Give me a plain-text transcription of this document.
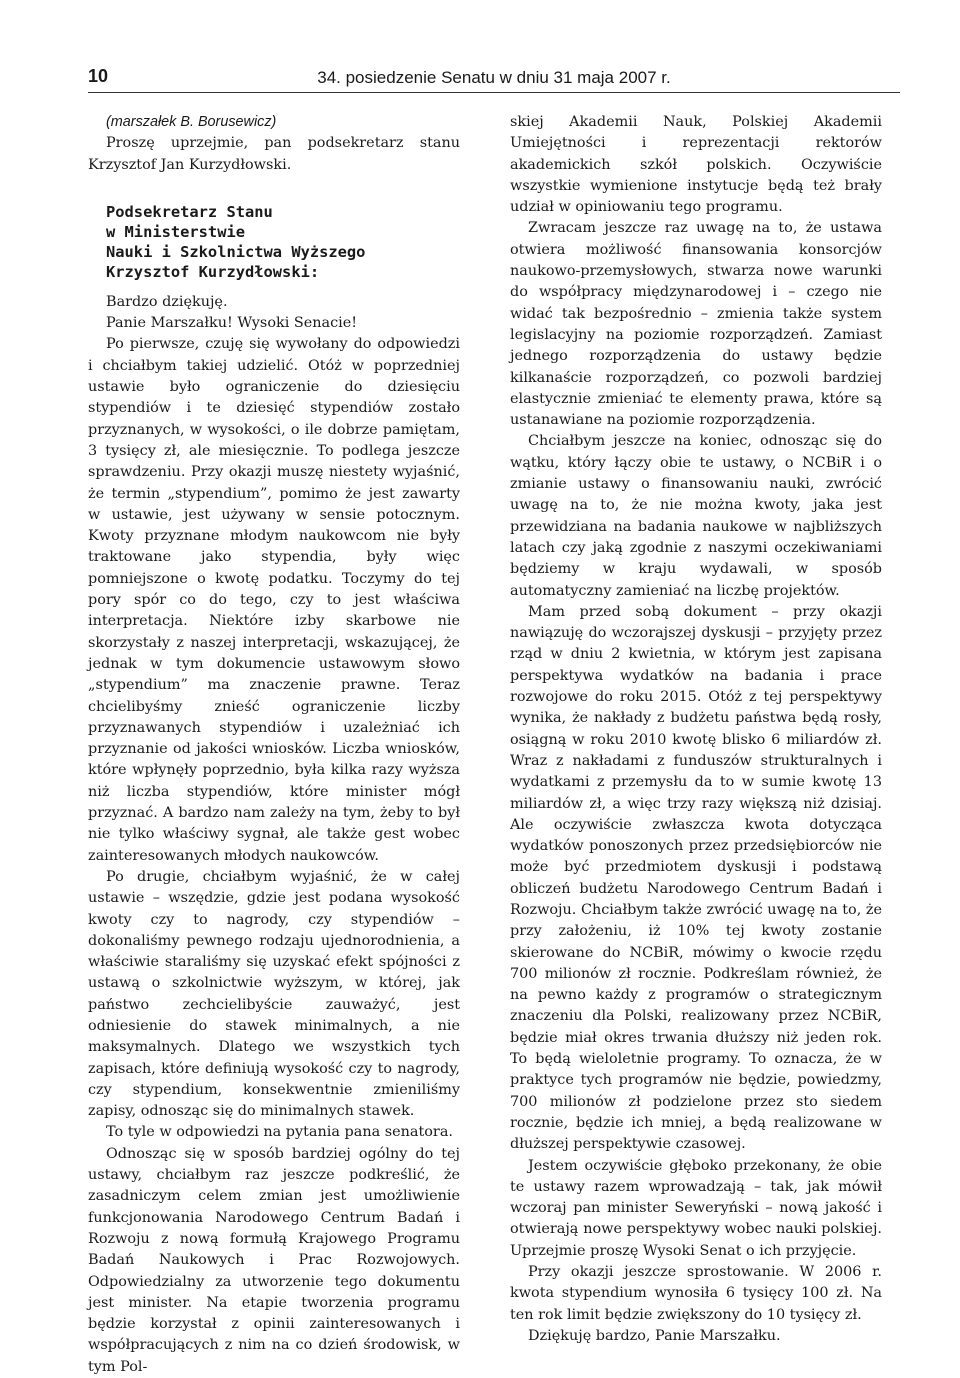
10	34. posiedzenie Senatu w dniu 31 maja 2007 r.

(marszałek B. Borusewicz)

Proszę uprzejmie, pan podsekretarz stanu Krzysztof Jan Kurzydłowski.

Podsekretarz Stanu
w Ministerstwie
Nauki i Szkolnictwa Wyższego
Krzysztof Kurzydłowski:

Bardzo dziękuję.

Panie Marszałku! Wysoki Senacie!

Po pierwsze, czuję się wywołany do odpowiedzi i chciałbym takiej udzielić. Otóż w poprzedniej ustawie było ograniczenie do dziesięciu stypendiów i te dziesięć stypendiów zostało przyznanych, w wysokości, o ile dobrze pamiętam, 3 tysięcy zł, ale miesięcznie. To podlega jeszcze sprawdzeniu. Przy okazji muszę niestety wyjaśnić, że termin „stypendium”, pomimo że jest zawarty w ustawie, jest używany w sensie potocznym. Kwoty przyznane młodym naukowcom nie były traktowane jako stypendia, były więc pomniejszone o kwotę podatku. Toczymy do tej pory spór co do tego, czy to jest właściwa interpretacja. Niektóre izby skarbowe nie skorzystały z naszej interpretacji, wskazującej, że jednak w tym dokumencie ustawowym słowo „stypendium” ma znaczenie prawne. Teraz chcielibyśmy znieść ograniczenie liczby przyznawanych stypendiów i uzależniać ich przyznanie od jakości wniosków. Liczba wniosków, które wpłynęły poprzednio, była kilka razy wyższa niż liczba stypendiów, które minister mógł przyznać. A bardzo nam zależy na tym, żeby to był nie tylko właściwy sygnał, ale także gest wobec zainteresowanych młodych naukowców.

Po drugie, chciałbym wyjaśnić, że w całej ustawie – wszędzie, gdzie jest podana wysokość kwoty czy to nagrody, czy stypendiów – dokonaliśmy pewnego rodzaju ujednorodnienia, a właściwie staraliśmy się uzyskać efekt spójności z ustawą o szkolnictwie wyższym, w której, jak państwo zechcielibyście zauważyć, jest odniesienie do stawek minimalnych, a nie maksymalnych. Dlatego we wszystkich tych zapisach, które definiują wysokość czy to nagrody, czy stypendium, konsekwentnie zmieniliśmy zapisy, odnosząc się do minimalnych stawek.

To tyle w odpowiedzi na pytania pana senatora.

Odnosząc się w sposób bardziej ogólny do tej ustawy, chciałbym raz jeszcze podkreślić, że zasadniczym celem zmian jest umożliwienie funkcjonowania Narodowego Centrum Badań i Rozwoju z nową formułą Krajowego Programu Badań Naukowych i Prac Rozwojowych. Odpowiedzialny za utworzenie tego dokumentu jest minister. Na etapie tworzenia programu będzie korzystał z opinii zainteresowanych i współpracujących z nim na co dzień środowisk, w tym Pol-

skiej Akademii Nauk, Polskiej Akademii Umiejętności i reprezentacji rektorów akademickich szkół polskich. Oczywiście wszystkie wymienione instytucje będą też brały udział w opiniowaniu tego programu.

Zwracam jeszcze raz uwagę na to, że ustawa otwiera możliwość finansowania konsorcjów naukowo-przemysłowych, stwarza nowe warunki do współpracy międzynarodowej i – czego nie widać tak bezpośrednio – zmienia także system legislacyjny na poziomie rozporządzeń. Zamiast jednego rozporządzenia do ustawy będzie kilkanaście rozporządzeń, co pozwoli bardziej elastycznie zmieniać te elementy prawa, które są ustanawiane na poziomie rozporządzenia.

Chciałbym jeszcze na koniec, odnosząc się do wątku, który łączy obie te ustawy, o NCBiR i o zmianie ustawy o finansowaniu nauki, zwrócić uwagę na to, że nie można kwoty, jaka jest przewidziana na badania naukowe w najbliższych latach czy jaką zgodnie z naszymi oczekiwaniami będziemy w kraju wydawali, w sposób automatyczny zamieniać na liczbę projektów.

Mam przed sobą dokument – przy okazji nawiązuję do wczorajszej dyskusji – przyjęty przez rząd w dniu 2 kwietnia, w którym jest zapisana perspektywa wydatków na badania i prace rozwojowe do roku 2015. Otóż z tej perspektywy wynika, że nakłady z budżetu państwa będą rosły, osiągną w roku 2010 kwotę blisko 6 miliardów zł. Wraz z nakładami z funduszów strukturalnych i wydatkami z przemysłu da to w sumie kwotę 13 miliardów zł, a więc trzy razy większą niż dzisiaj. Ale oczywiście zwłaszcza kwota dotycząca wydatków ponoszonych przez przedsiębiorców nie może być przedmiotem dyskusji i podstawą obliczeń budżetu Narodowego Centrum Badań i Rozwoju. Chciałbym także zwrócić uwagę na to, że przy założeniu, iż 10% tej kwoty zostanie skierowane do NCBiR, mówimy o kwocie rzędu 700 milionów zł rocznie. Podkreślam również, że na pewno każdy z programów o strategicznym znaczeniu dla Polski, realizowany przez NCBiR, będzie miał okres trwania dłuższy niż jeden rok. To będą wieloletnie programy. To oznacza, że w praktyce tych programów nie będzie, powiedzmy, 700 milionów zł podzielone przez sto siedem rocznie, będzie ich mniej, a będą realizowane w dłuższej perspektywie czasowej.

Jestem oczywiście głęboko przekonany, że obie te ustawy razem wprowadzają – tak, jak mówił wczoraj pan minister Seweryński – nową jakość i otwierają nowe perspektywy wobec nauki polskiej. Uprzejmie proszę Wysoki Senat o ich przyjęcie.

Przy okazji jeszcze sprostowanie. W 2006 r. kwota stypendium wynosiła 6 tysięcy 100 zł. Na ten rok limit będzie zwiększony do 10 tysięcy zł.

Dziękuję bardzo, Panie Marszałku.
